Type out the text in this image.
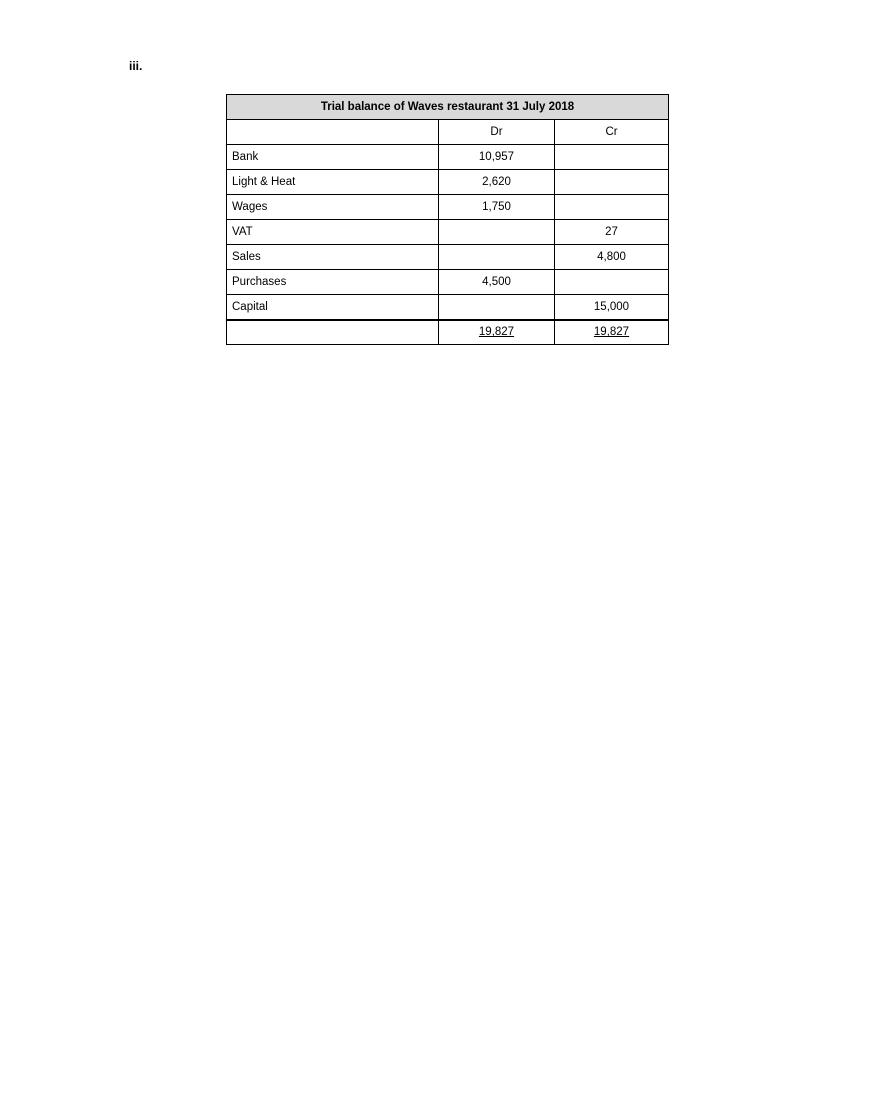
iii.

Trial balance of Waves restaurant 31 July 2018		
	Dr	Cr
Bank	10,957	
Light & Heat	2,620	
Wages	1,750	
VAT		27
Sales		4,800
Purchases	4,500	
Capital		15,000
	19,827	19,827
